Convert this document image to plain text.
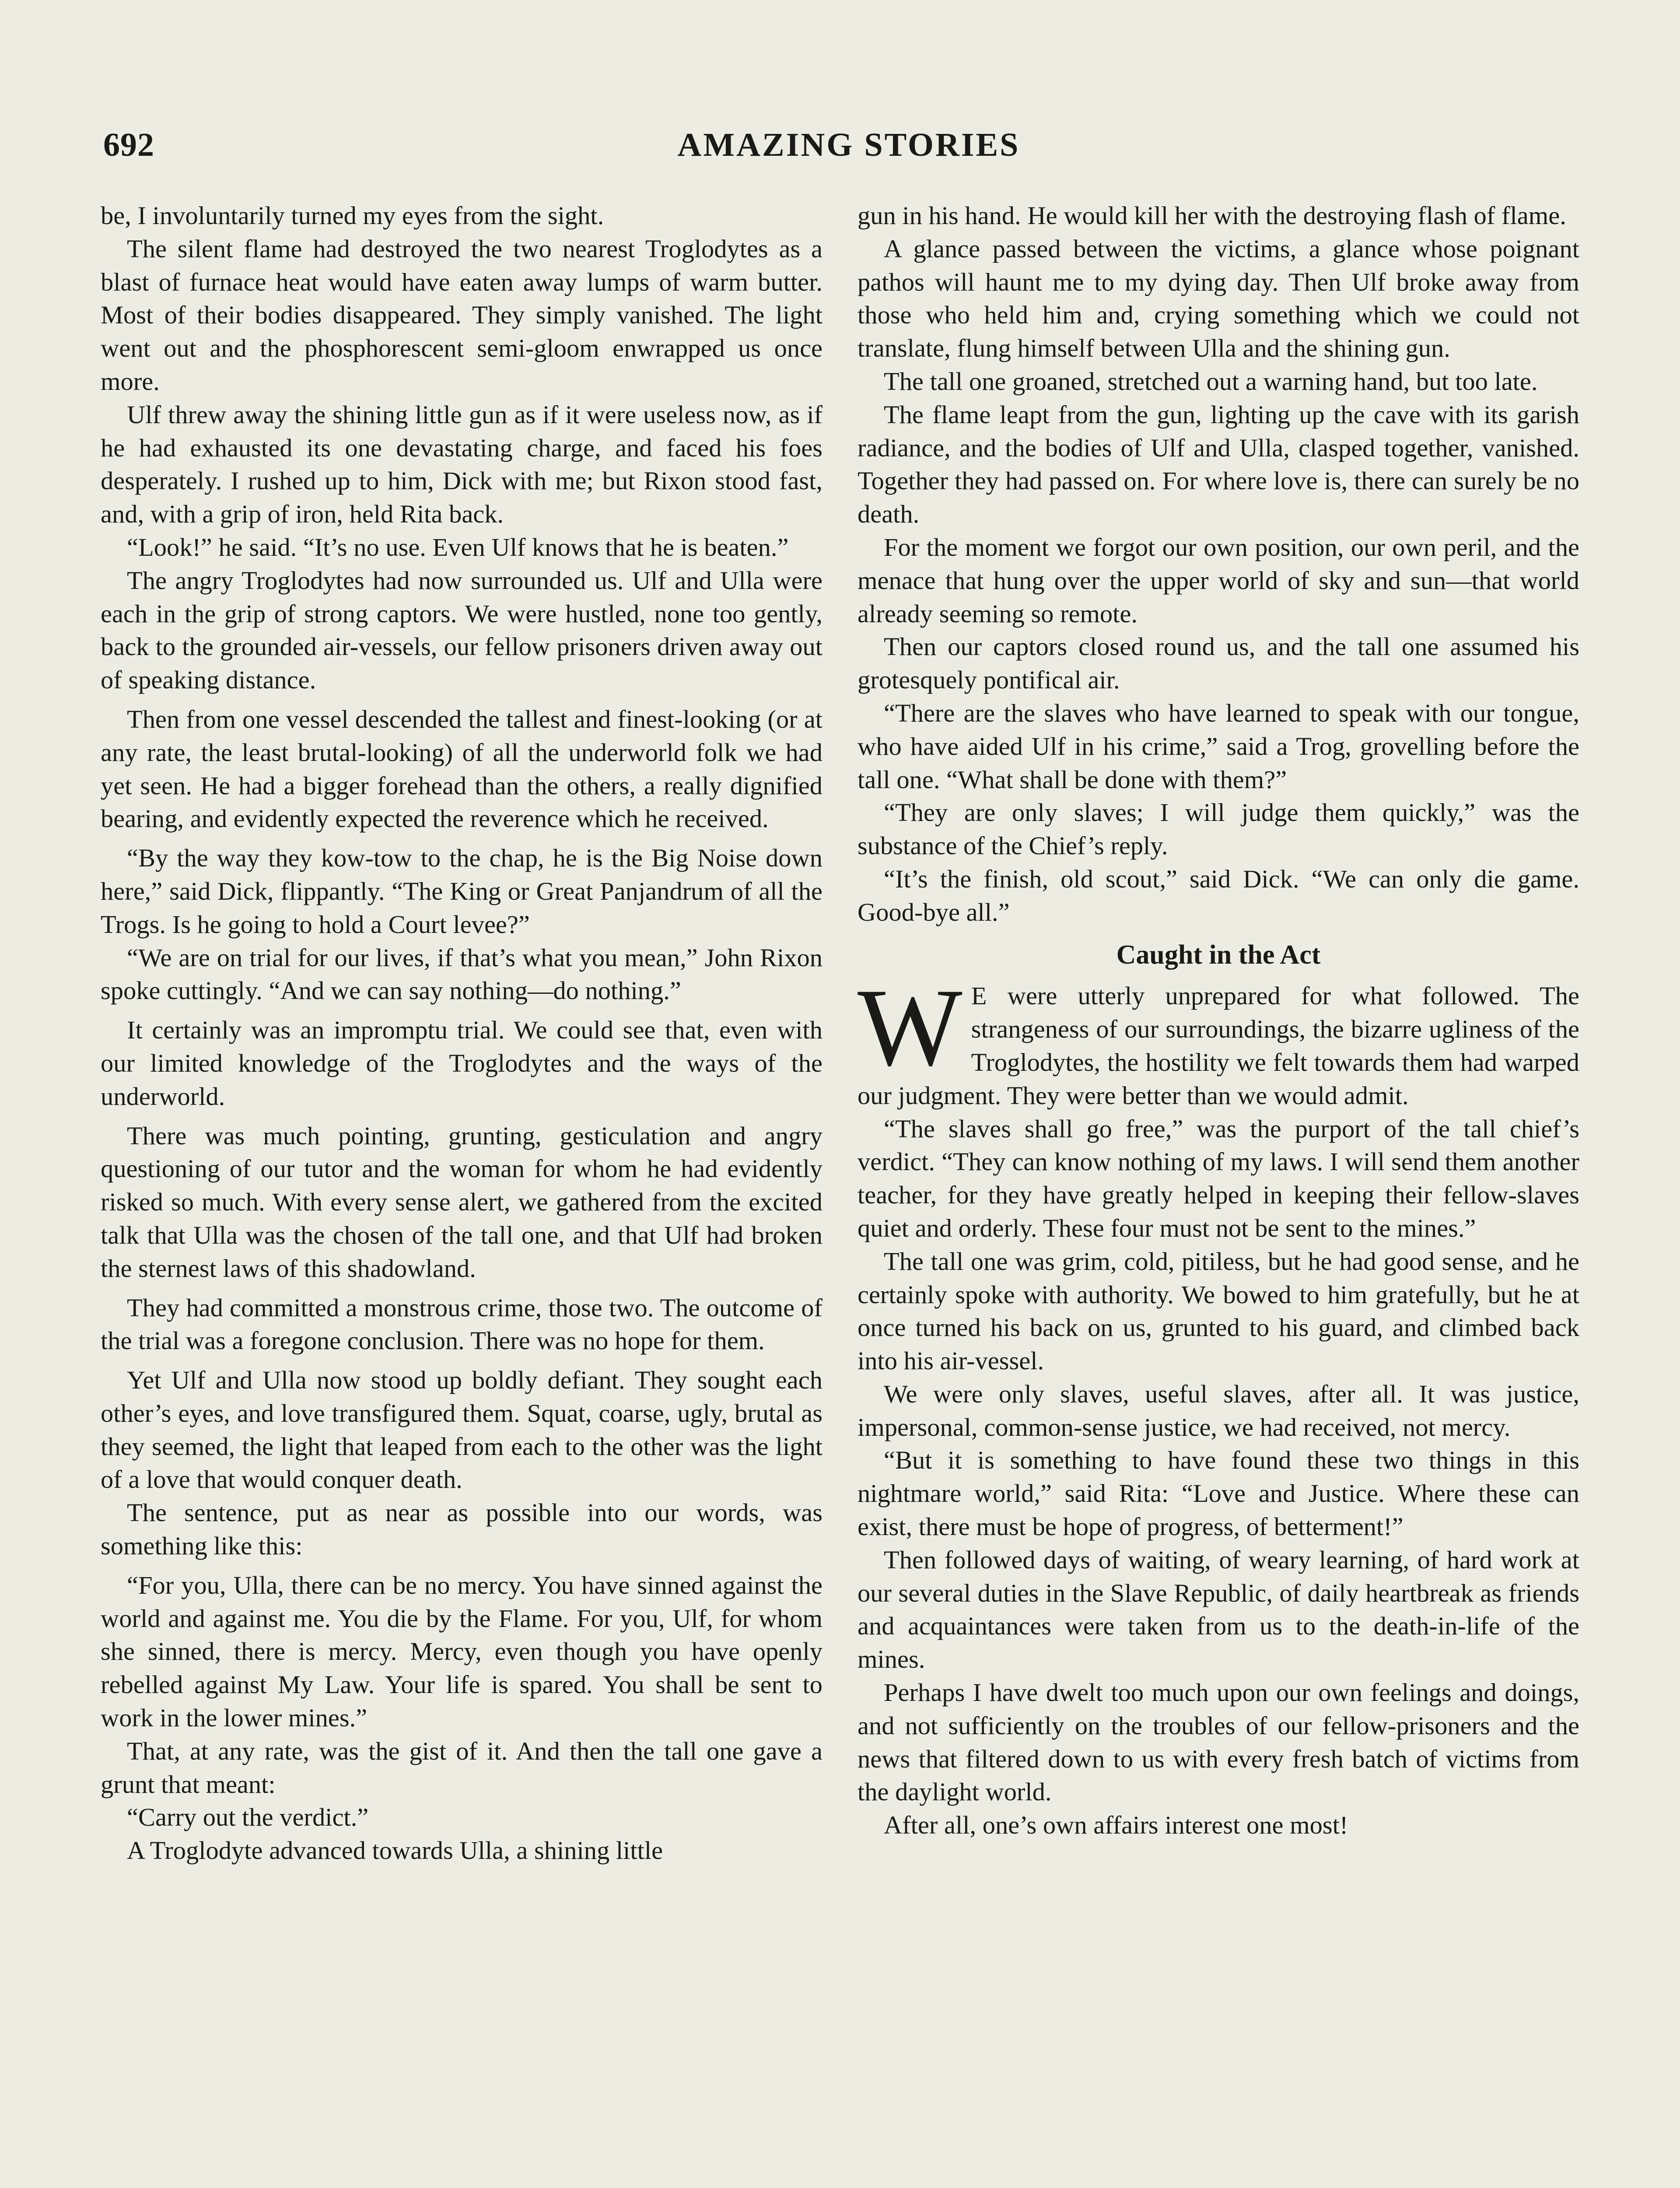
692	AMAZING STORIES

be, I involuntarily turned my eyes from the sight.

The silent flame had destroyed the two nearest Troglodytes as a blast of furnace heat would have eaten away lumps of warm butter. Most of their bodies disappeared. They simply vanished. The light went out and the phosphorescent semi-gloom enwrapped us once more.

Ulf threw away the shining little gun as if it were useless now, as if he had exhausted its one devastating charge, and faced his foes desperately. I rushed up to him, Dick with me; but Rixon stood fast, and, with a grip of iron, held Rita back.

“Look!” he said. “It’s no use. Even Ulf knows that he is beaten.”

The angry Troglodytes had now surrounded us. Ulf and Ulla were each in the grip of strong captors. We were hustled, none too gently, back to the grounded air-vessels, our fellow prisoners driven away out of speaking distance.

Then from one vessel descended the tallest and finest-looking (or at any rate, the least brutal-looking) of all the underworld folk we had yet seen. He had a bigger forehead than the others, a really dignified bearing, and evidently expected the reverence which he received.

“By the way they kow-tow to the chap, he is the Big Noise down here,” said Dick, flippantly. “The King or Great Panjandrum of all the Trogs. Is he going to hold a Court levee?”

“We are on trial for our lives, if that’s what you mean,” John Rixon spoke cuttingly. “And we can say nothing—do nothing.”

It certainly was an impromptu trial. We could see that, even with our limited knowledge of the Troglodytes and the ways of the underworld.

There was much pointing, grunting, gesticulation and angry questioning of our tutor and the woman for whom he had evidently risked so much. With every sense alert, we gathered from the excited talk that Ulla was the chosen of the tall one, and that Ulf had broken the sternest laws of this shadowland.

They had committed a monstrous crime, those two. The outcome of the trial was a foregone conclusion. There was no hope for them.

Yet Ulf and Ulla now stood up boldly defiant. They sought each other’s eyes, and love transfigured them. Squat, coarse, ugly, brutal as they seemed, the light that leaped from each to the other was the light of a love that would conquer death.

The sentence, put as near as possible into our words, was something like this:

“For you, Ulla, there can be no mercy. You have sinned against the world and against me. You die by the Flame. For you, Ulf, for whom she sinned, there is mercy. Mercy, even though you have openly rebelled against My Law. Your life is spared. You shall be sent to work in the lower mines.”

That, at any rate, was the gist of it. And then the tall one gave a grunt that meant:

“Carry out the verdict.”

A Troglodyte advanced towards Ulla, a shining little

gun in his hand. He would kill her with the destroying flash of flame.

A glance passed between the victims, a glance whose poignant pathos will haunt me to my dying day. Then Ulf broke away from those who held him and, crying something which we could not translate, flung himself between Ulla and the shining gun.

The tall one groaned, stretched out a warning hand, but too late.

The flame leapt from the gun, lighting up the cave with its garish radiance, and the bodies of Ulf and Ulla, clasped together, vanished. Together they had passed on. For where love is, there can surely be no death.

For the moment we forgot our own position, our own peril, and the menace that hung over the upper world of sky and sun—that world already seeming so remote.

Then our captors closed round us, and the tall one assumed his grotesquely pontifical air.

“There are the slaves who have learned to speak with our tongue, who have aided Ulf in his crime,” said a Trog, grovelling before the tall one. “What shall be done with them?”

“They are only slaves; I will judge them quickly,” was the substance of the Chief’s reply.

“It’s the finish, old scout,” said Dick. “We can only die game. Good-bye all.”

Caught in the Act

W E were utterly unprepared for what followed. The strangeness of our surroundings, the bizarre ugliness of the Troglodytes, the hostility we felt towards them had warped our judgment. They were better than we would admit.

“The slaves shall go free,” was the purport of the tall chief’s verdict. “They can know nothing of my laws. I will send them another teacher, for they have greatly helped in keeping their fellow-slaves quiet and orderly. These four must not be sent to the mines.”

The tall one was grim, cold, pitiless, but he had good sense, and he certainly spoke with authority. We bowed to him gratefully, but he at once turned his back on us, grunted to his guard, and climbed back into his air-vessel.

We were only slaves, useful slaves, after all. It was justice, impersonal, common-sense justice, we had received, not mercy.

“But it is something to have found these two things in this nightmare world,” said Rita: “Love and Justice. Where these can exist, there must be hope of progress, of betterment!”

Then followed days of waiting, of weary learning, of hard work at our several duties in the Slave Republic, of daily heartbreak as friends and acquaintances were taken from us to the death-in-life of the mines.

Perhaps I have dwelt too much upon our own feelings and doings, and not sufficiently on the troubles of our fellow-prisoners and the news that filtered down to us with every fresh batch of victims from the daylight world.

After all, one’s own affairs interest one most!
